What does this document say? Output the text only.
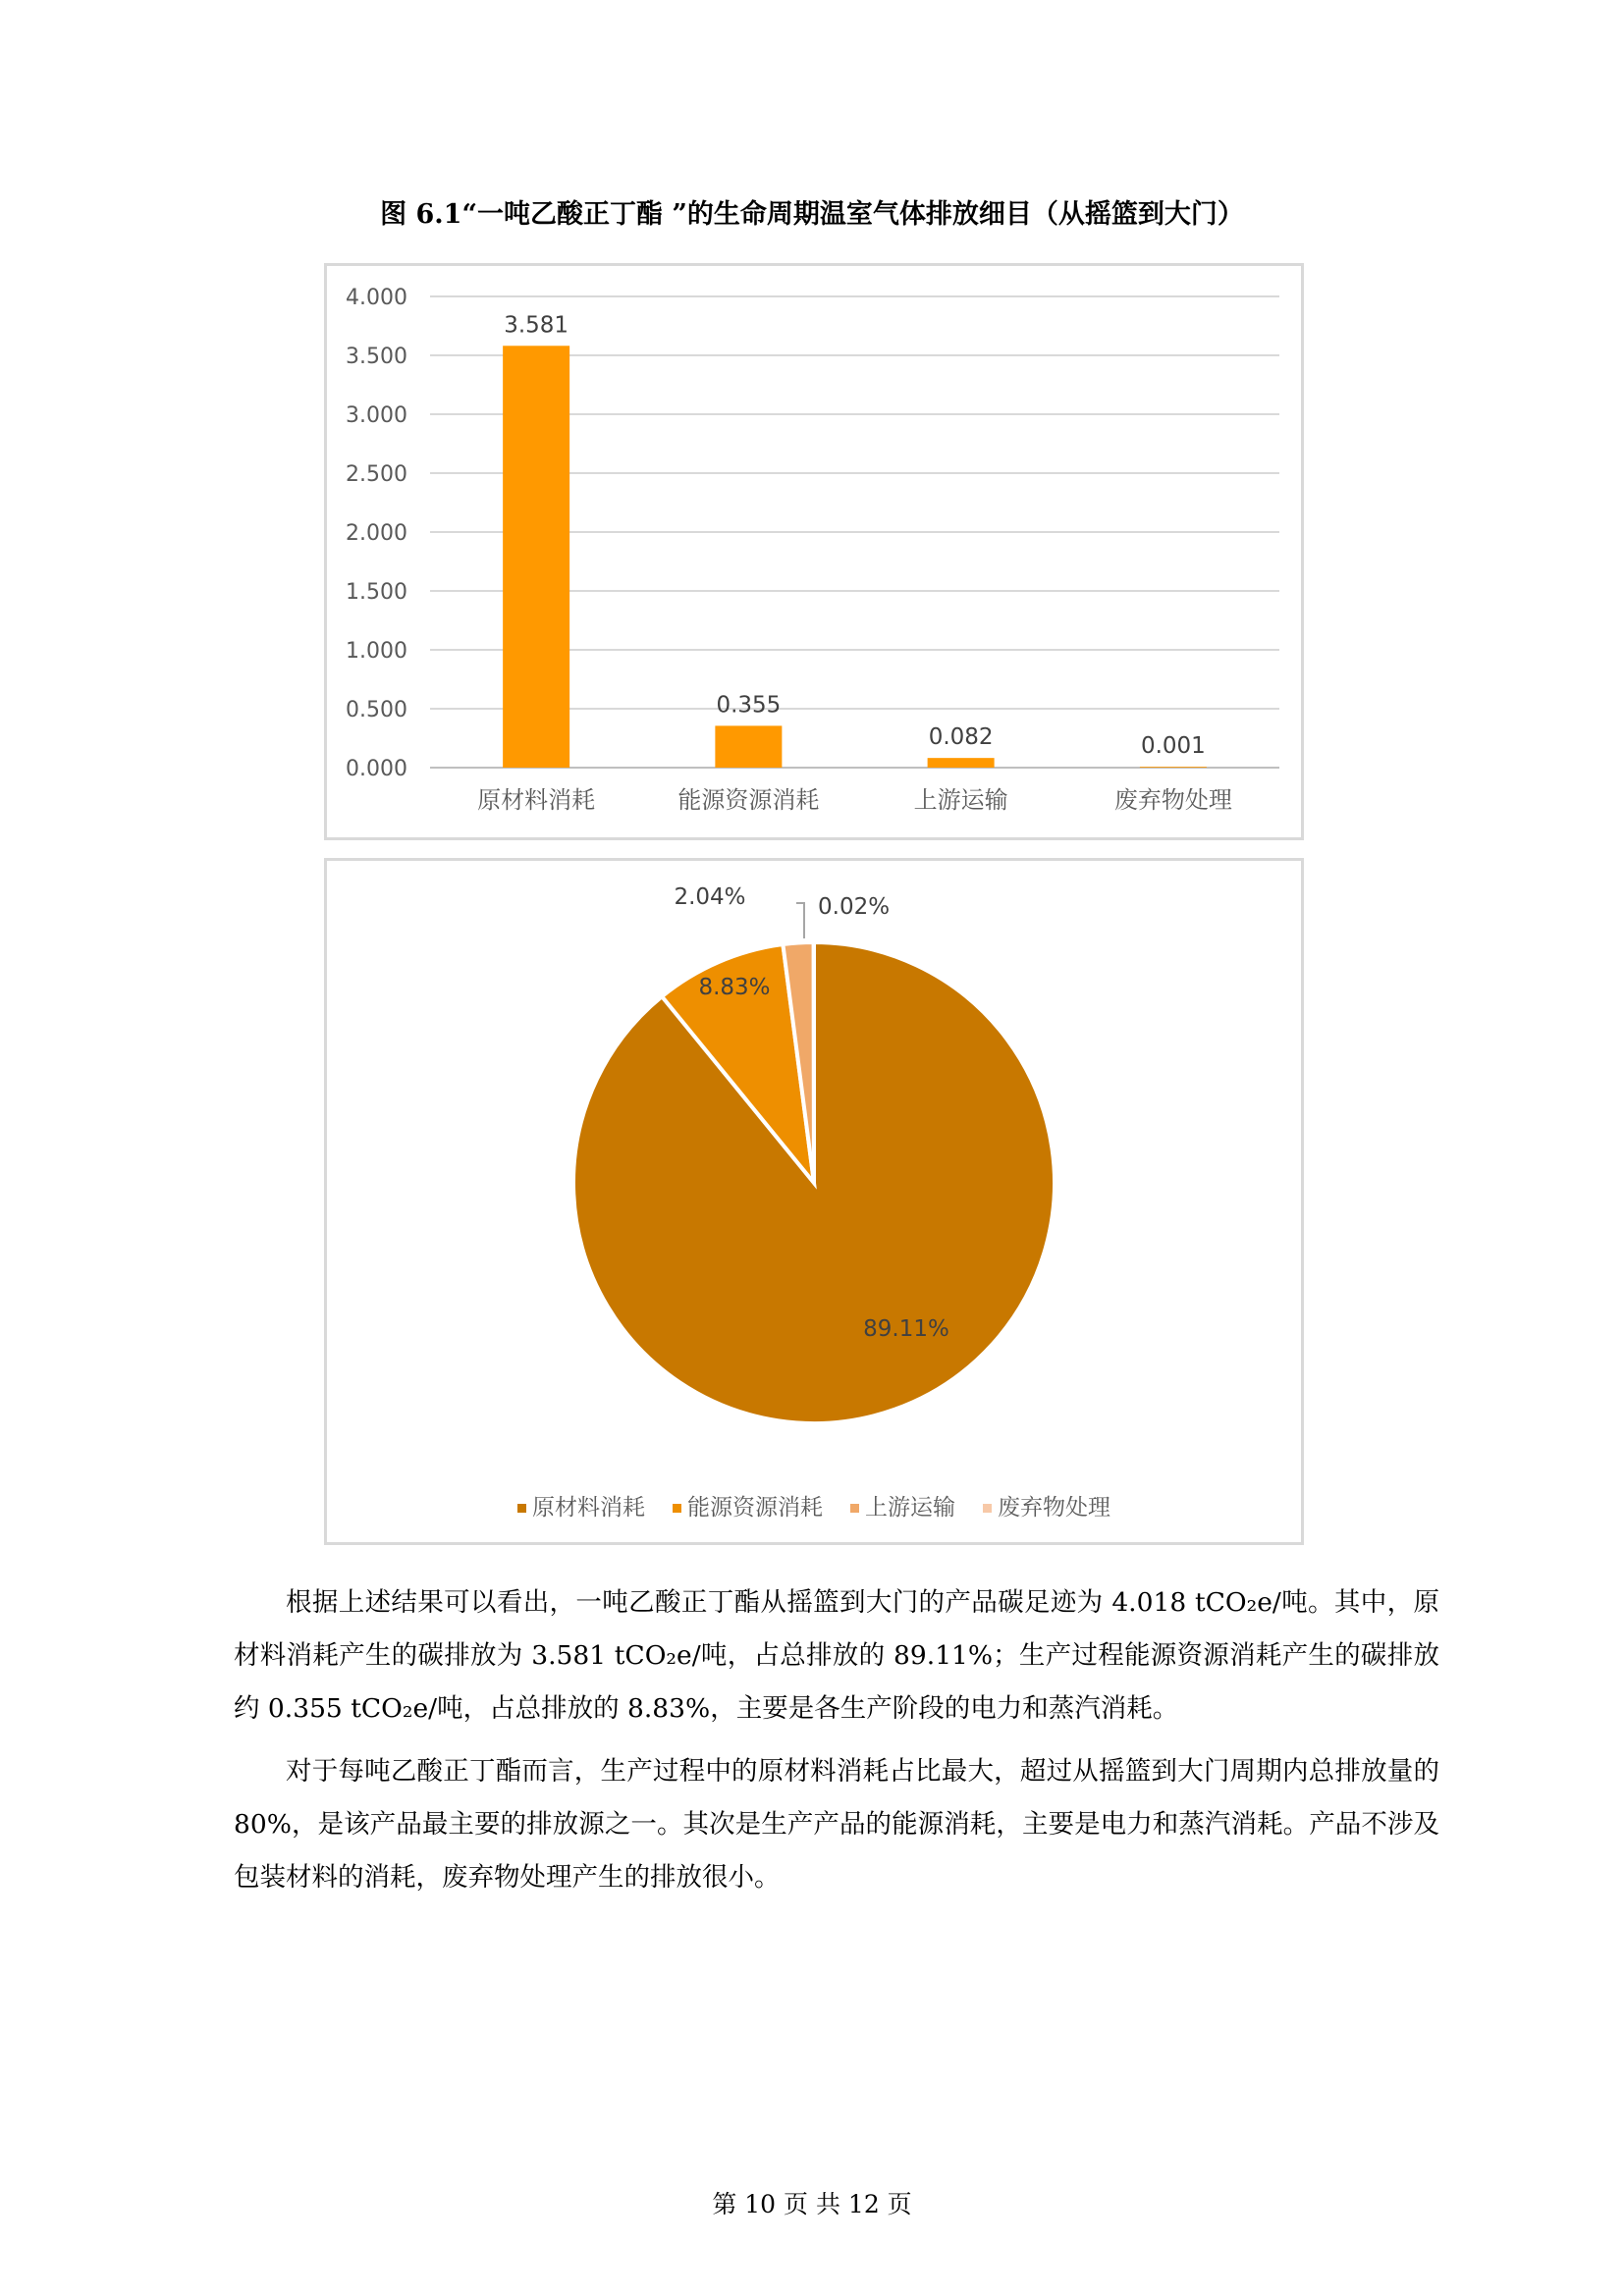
图 6.1“一吨乙酸正丁酯 ”的生命周期温室气体排放细目（从摇篮到大门）
0.000
0.500
1.000
1.500
2.000
2.500
3.000
3.500
4.000
3.581
原材料消耗
0.355
能源资源消耗
0.082
上游运输
0.001
废弃物处理
89.11%
8.83%
2.04%	0.02%
原材料消耗 能源资源消耗 上游运输 废弃物处理
根据上述结果可以看出，一吨乙酸正丁酯从摇篮到大门的产品碳足迹为 4.018 tCO₂e/吨。其中，原材料消耗产生的碳排放为 3.581 tCO₂e/吨，占总排放的 89.11%；生产过程能源资源消耗产生的碳排放约 0.355 tCO₂e/吨，占总排放的 8.83%，主要是各生产阶段的电力和蒸汽消耗。
对于每吨乙酸正丁酯而言，生产过程中的原材料消耗占比最大，超过从摇篮到大门周期内总排放量的 80%，是该产品最主要的排放源之一。其次是生产产品的能源消耗，主要是电力和蒸汽消耗。产品不涉及包装材料的消耗，废弃物处理产生的排放很小。
第 10 页 共 12 页
